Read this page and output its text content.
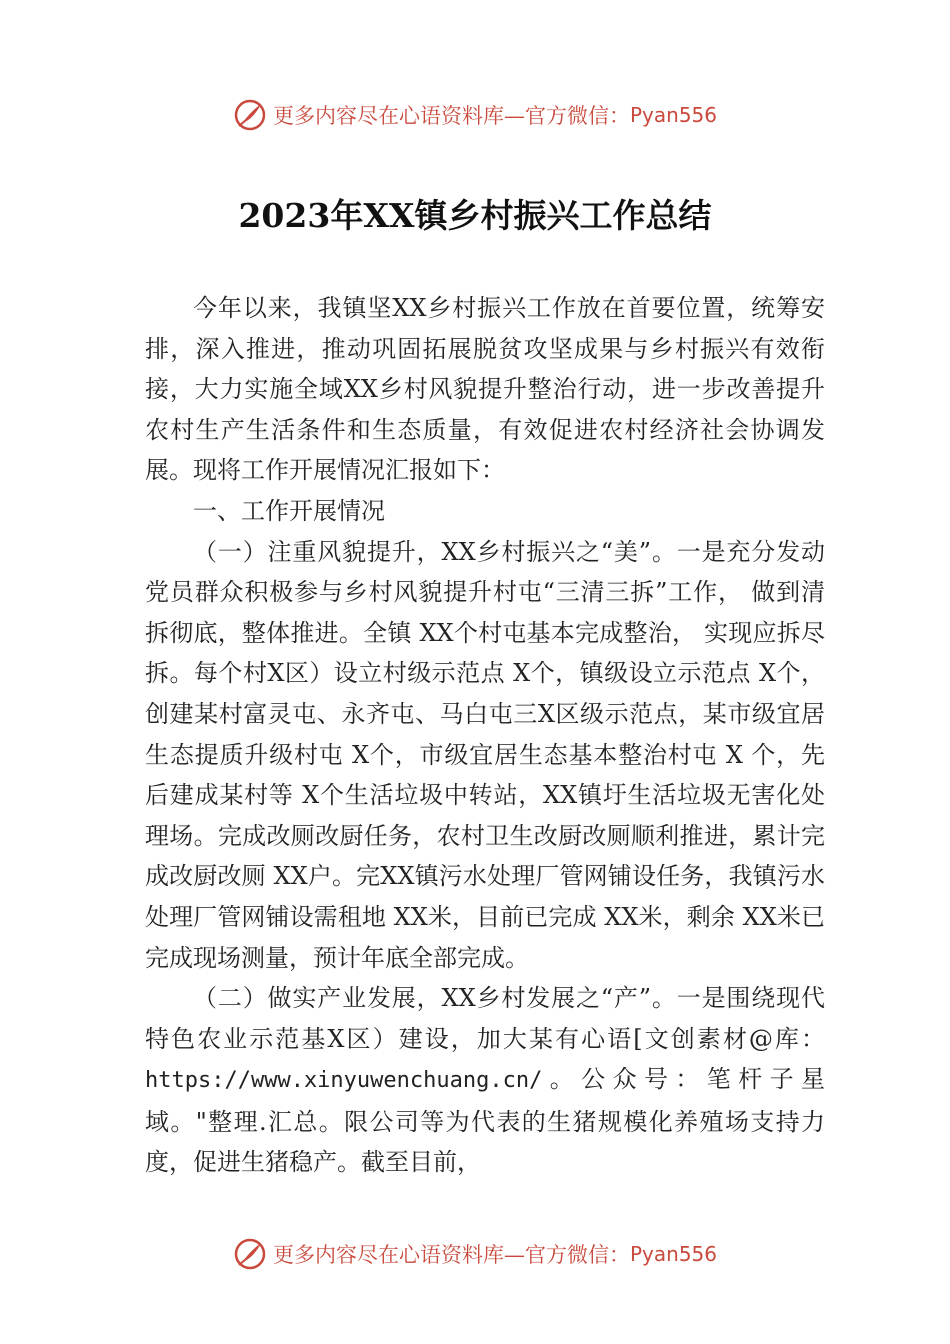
更多内容尽在心语资料库—官方微信： Pyan556
2023年XX镇乡村振兴工作总结

今年以来，我镇坚XX乡村振兴工作放在首要位置，统筹安排，深入推进，推动巩固拓展脱贫攻坚成果与乡村振兴有效衔接，大力实施全域XX乡村风貌提升整治行动，进一步改善提升农村生产生活条件和生态质量，有效促进农村经济社会协调发展。现将工作开展情况汇报如下：

一、工作开展情况

（一）注重风貌提升，XX乡村振兴之“美”。一是充分发动党员群众积极参与乡村风貌提升村屯“三清三拆”工作， 做到清拆彻底，整体推进。全镇 XX个村屯基本完成整治， 实现应拆尽拆。每个村X区）设立村级示范点 X个，镇级设立示范点 X个，创建某村富灵屯、永齐屯、马白屯三X区级示范点，某市级宜居生态提质升级村屯 X个，市级宜居生态基本整治村屯 X 个，先后建成某村等 X个生活垃圾中转站，XX镇圩生活垃圾无害化处理场。完成改厕改厨任务，农村卫生改厨改厕顺利推进，累计完成改厨改厕 XX户。完XX镇污水处理厂管网铺设任务，我镇污水处理厂管网铺设需租地 XX米，目前已完成 XX米，剩余 XX米已完成现场测量，预计年底全部完成。

（二）做实产业发展，XX乡村发展之“产”。一是围绕现代特色农业示范基X区）建设，加大某有心语[文创素材@库：https://www.xinyuwenchuang.cn/。公众号：笔杆子星域。"整理.汇总。限公司等为代表的生猪规模化养殖场支持力度，促进生猪稳产。截至目前，

更多内容尽在心语资料库—官方微信： Pyan556
